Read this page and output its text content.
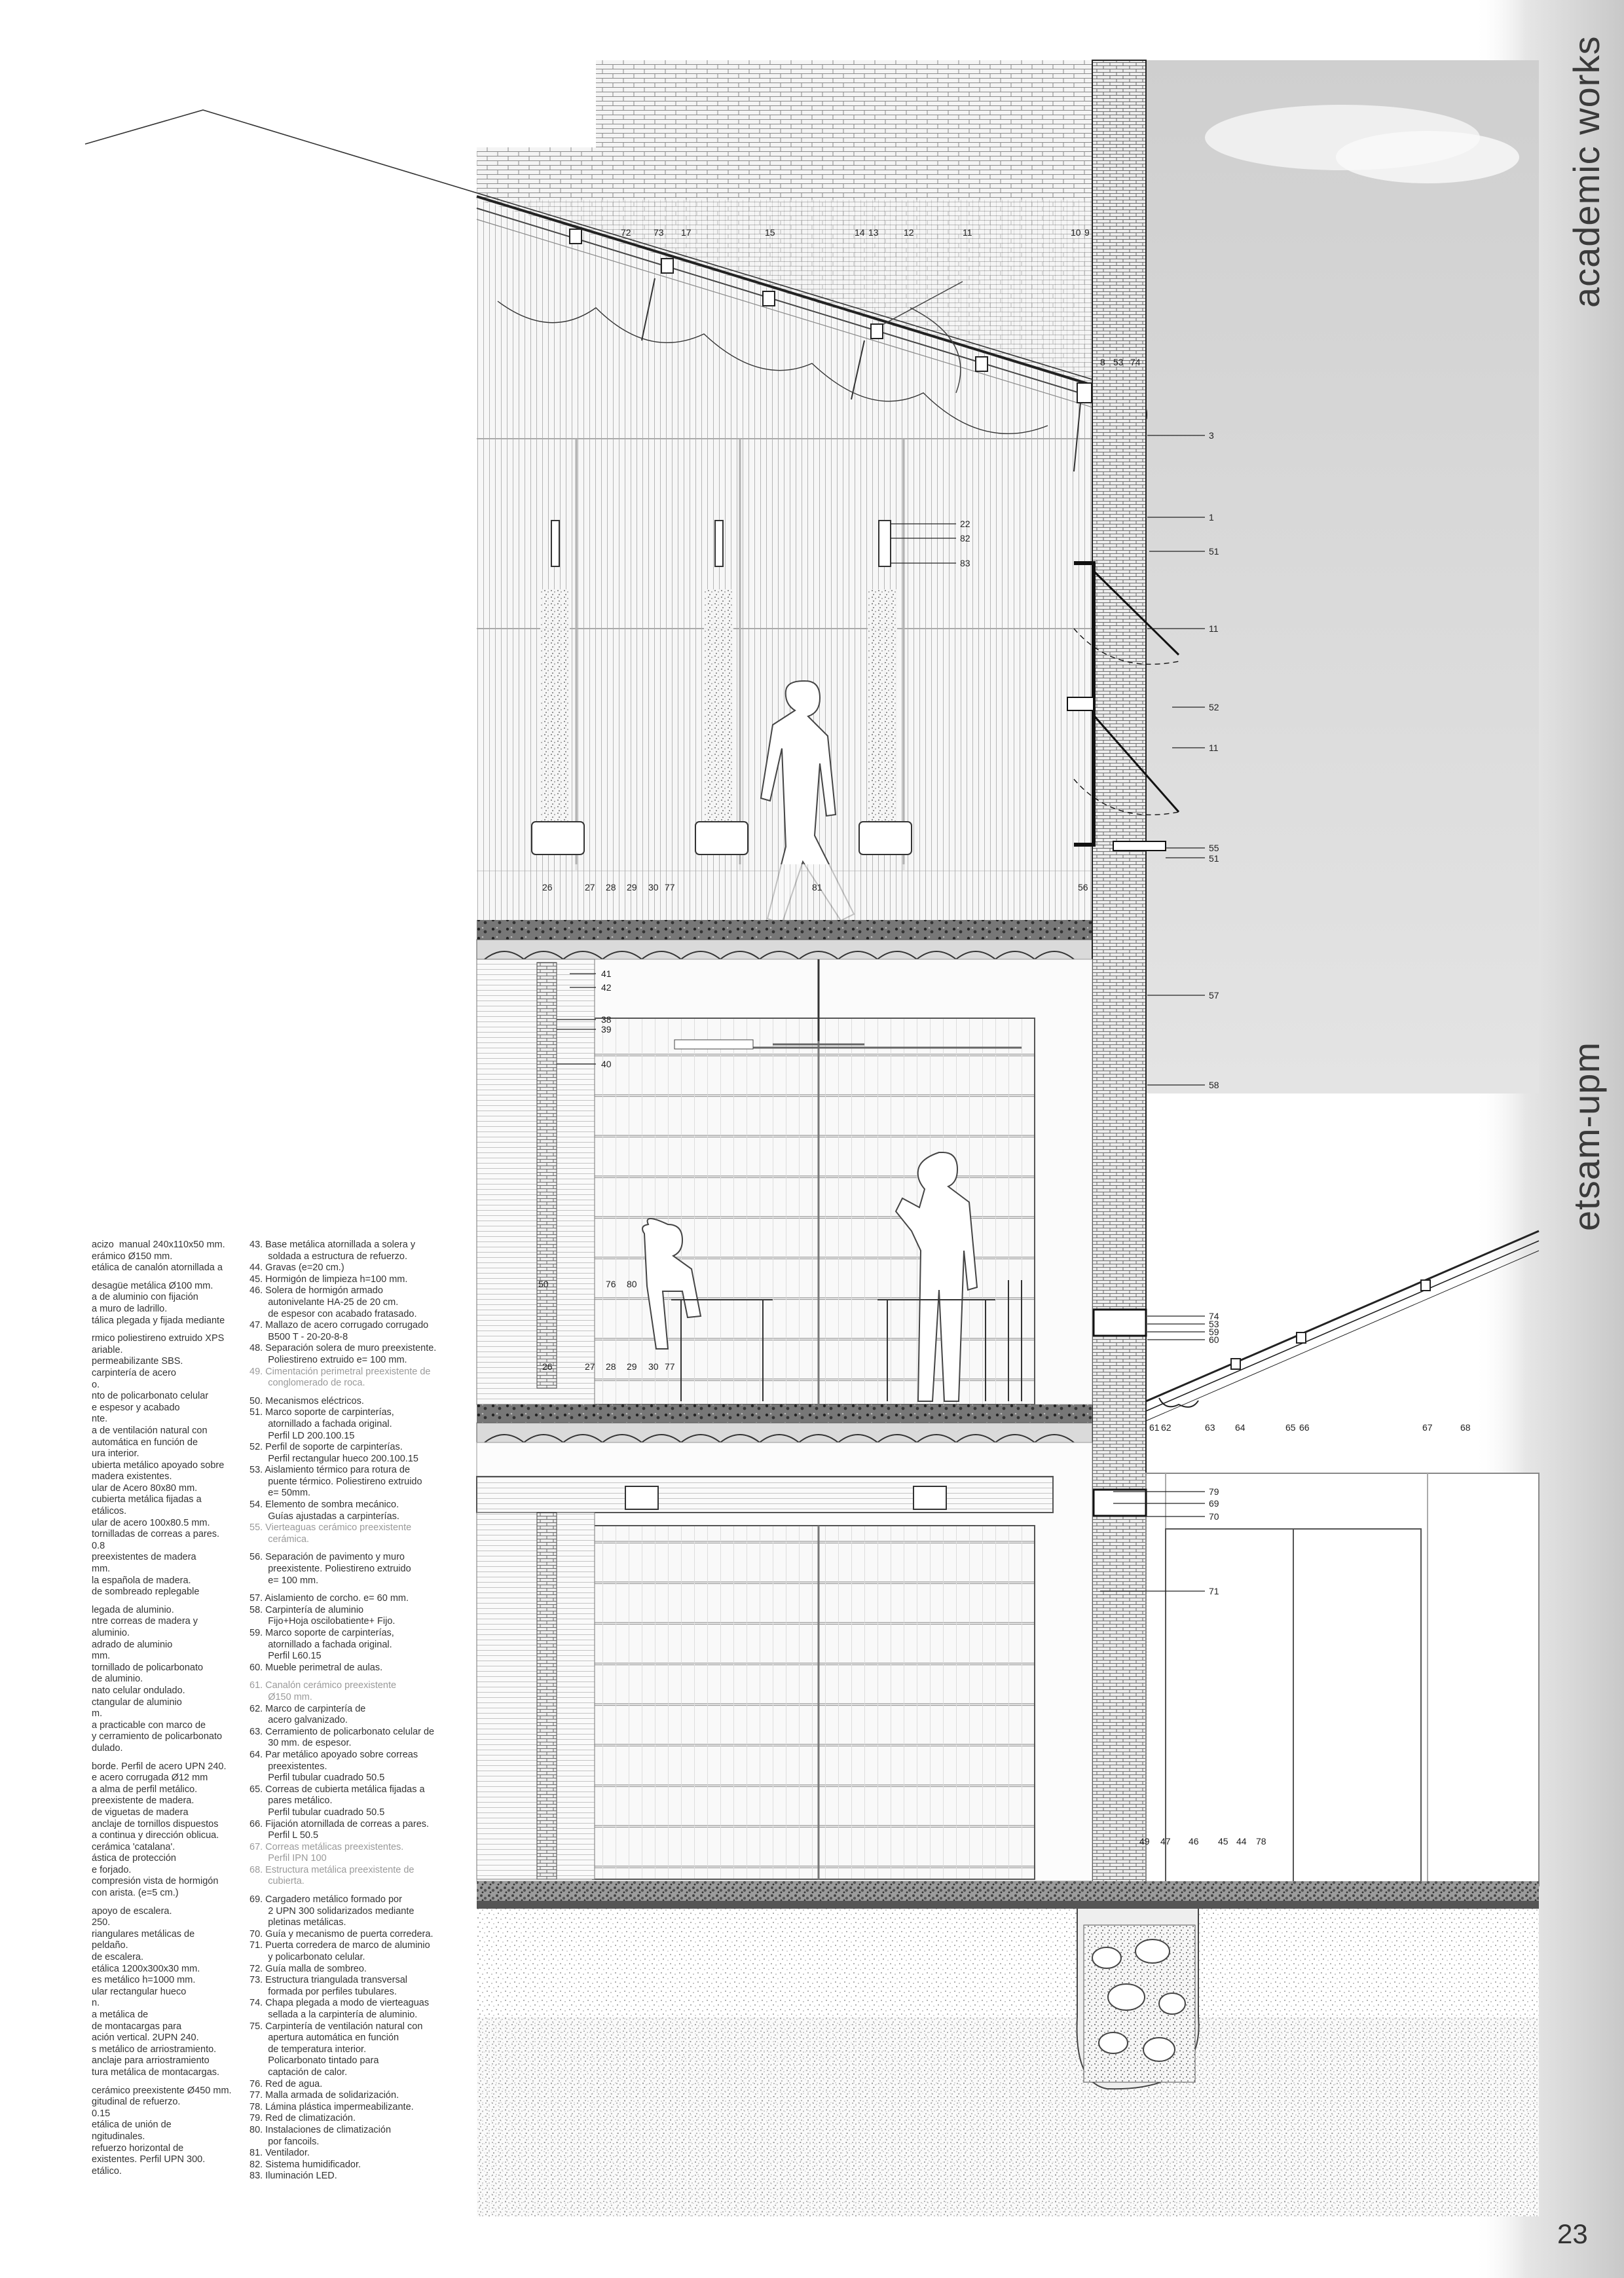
72 73 17	15	14 13	12	11	10 9
8 53 74
3
1
51
11
52
11
55
51
22
82
83
26	27 28 29 30 77	81	56
41
42
38
39
40
57
58
50	76 80
26	27 28 29 30 77
74
53
59
60
61 62	63 64	65 66	67	68
79
69
70
71
49 47 46 45 44 78
acizo  manual 240x110x50 mm.
erámico Ø150 mm.
etálica de canalón atornillada a
desagüe metálica Ø100 mm.
a de aluminio con fijación
a muro de ladrillo.
tálica plegada y fijada mediante
rmico poliestireno extruido XPS
ariable.
permeabilizante SBS.
carpintería de acero
o.
nto de policarbonato celular
e espesor y acabado
nte.
a de ventilación natural con
automática en función de
ura interior.
ubierta metálico apoyado sobre
madera existentes.
ular de Acero 80x80 mm.
cubierta metálica fijadas a
etálicos.
ular de acero 100x80.5 mm.
tornilladas de correas a pares.
0.8
preexistentes de madera
mm.
la española de madera.
de sombreado replegable
legada de aluminio.
ntre correas de madera y
aluminio.
adrado de aluminio
mm.
tornillado de policarbonato
de aluminio.
nato celular ondulado.
ctangular de aluminio
m.
a practicable con marco de
y cerramiento de policarbonato
dulado.
borde. Perfil de acero UPN 240.
e acero corrugada Ø12 mm
a alma de perfil metálico.
preexistente de madera.
de viguetas de madera
anclaje de tornillos dispuestos
a continua y dirección oblicua.
cerámica 'catalana'.
ástica de protección
e forjado.
compresión vista de hormigón
con arista. (e=5 cm.)
apoyo de escalera.
250.
riangulares metálicas de
peldaño.
de escalera.
etálica 1200x300x30 mm.
es metálico h=1000 mm.
ular rectangular hueco
n.
a metálica de
de montacargas para
ación vertical. 2UPN 240.
s metálico de arriostramiento.
anclaje para arriostramiento
tura metálica de montacargas.
cerámico preexistente Ø450 mm.
gitudinal de refuerzo.
0.15
etálica de unión de
ngitudinales.
refuerzo horizontal de
existentes. Perfil UPN 300.
etálico.
43. Base metálica atornillada a solera y
soldada a estructura de refuerzo.
44. Gravas (e=20 cm.)
45. Hormigón de limpieza h=100 mm.
46. Solera de hormigón armado
autonivelante HA-25 de 20 cm.
de espesor con acabado fratasado.
47. Mallazo de acero corrugado corrugado
B500 T - 20-20-8-8
48. Separación solera de muro preexistente.
Poliestireno extruido e= 100 mm.
49. Cimentación perimetral preexistente de
conglomerado de roca.
50. Mecanismos eléctricos.
51. Marco soporte de carpinterías,
atornillado a fachada original.
Perfil LD 200.100.15
52. Perfil de soporte de carpinterías.
Perfil rectangular hueco 200.100.15
53. Aislamiento térmico para rotura de
puente térmico. Poliestireno extruido
e= 50mm.
54. Elemento de sombra mecánico.
Guías ajustadas a carpinterías.
55. Vierteaguas cerámico preexistente
cerámica.
56. Separación de pavimento y muro
preexistente. Poliestireno extruido
e= 100 mm.
57. Aislamiento de corcho. e= 60 mm.
58. Carpintería de aluminio
Fijo+Hoja oscilobatiente+ Fijo.
59. Marco soporte de carpinterías,
atornillado a fachada original.
Perfil L60.15
60. Mueble perimetral de aulas.
61. Canalón cerámico preexistente
Ø150 mm.
62. Marco de carpintería de
acero galvanizado.
63. Cerramiento de policarbonato celular de
30 mm. de espesor.
64. Par metálico apoyado sobre correas
preexistentes.
Perfil tubular cuadrado 50.5
65. Correas de cubierta metálica fijadas a
pares metálico.
Perfil tubular cuadrado 50.5
66. Fijación atornillada de correas a pares.
Perfil L 50.5
67. Correas metálicas preexistentes.
Perfil IPN 100
68. Estructura metálica preexistente de
cubierta.
69. Cargadero metálico formado por
2 UPN 300 solidarizados mediante
pletinas metálicas.
70. Guía y mecanismo de puerta corredera.
71. Puerta corredera de marco de aluminio
y policarbonato celular.
72. Guía malla de sombreo.
73. Estructura triangulada transversal
formada por perfiles tubulares.
74. Chapa plegada a modo de vierteaguas
sellada a la carpintería de aluminio.
75. Carpintería de ventilación natural con
apertura automática en función
de temperatura interior.
Policarbonato tintado para
captación de calor.
76. Red de agua.
77. Malla armada de solidarización.
78. Lámina plástica impermeabilizante.
79. Red de climatización.
80. Instalaciones de climatización
por fancoils.
81. Ventilador.
82. Sistema humidificador.
83. Iluminación LED.
academic works
etsam-upm
23
